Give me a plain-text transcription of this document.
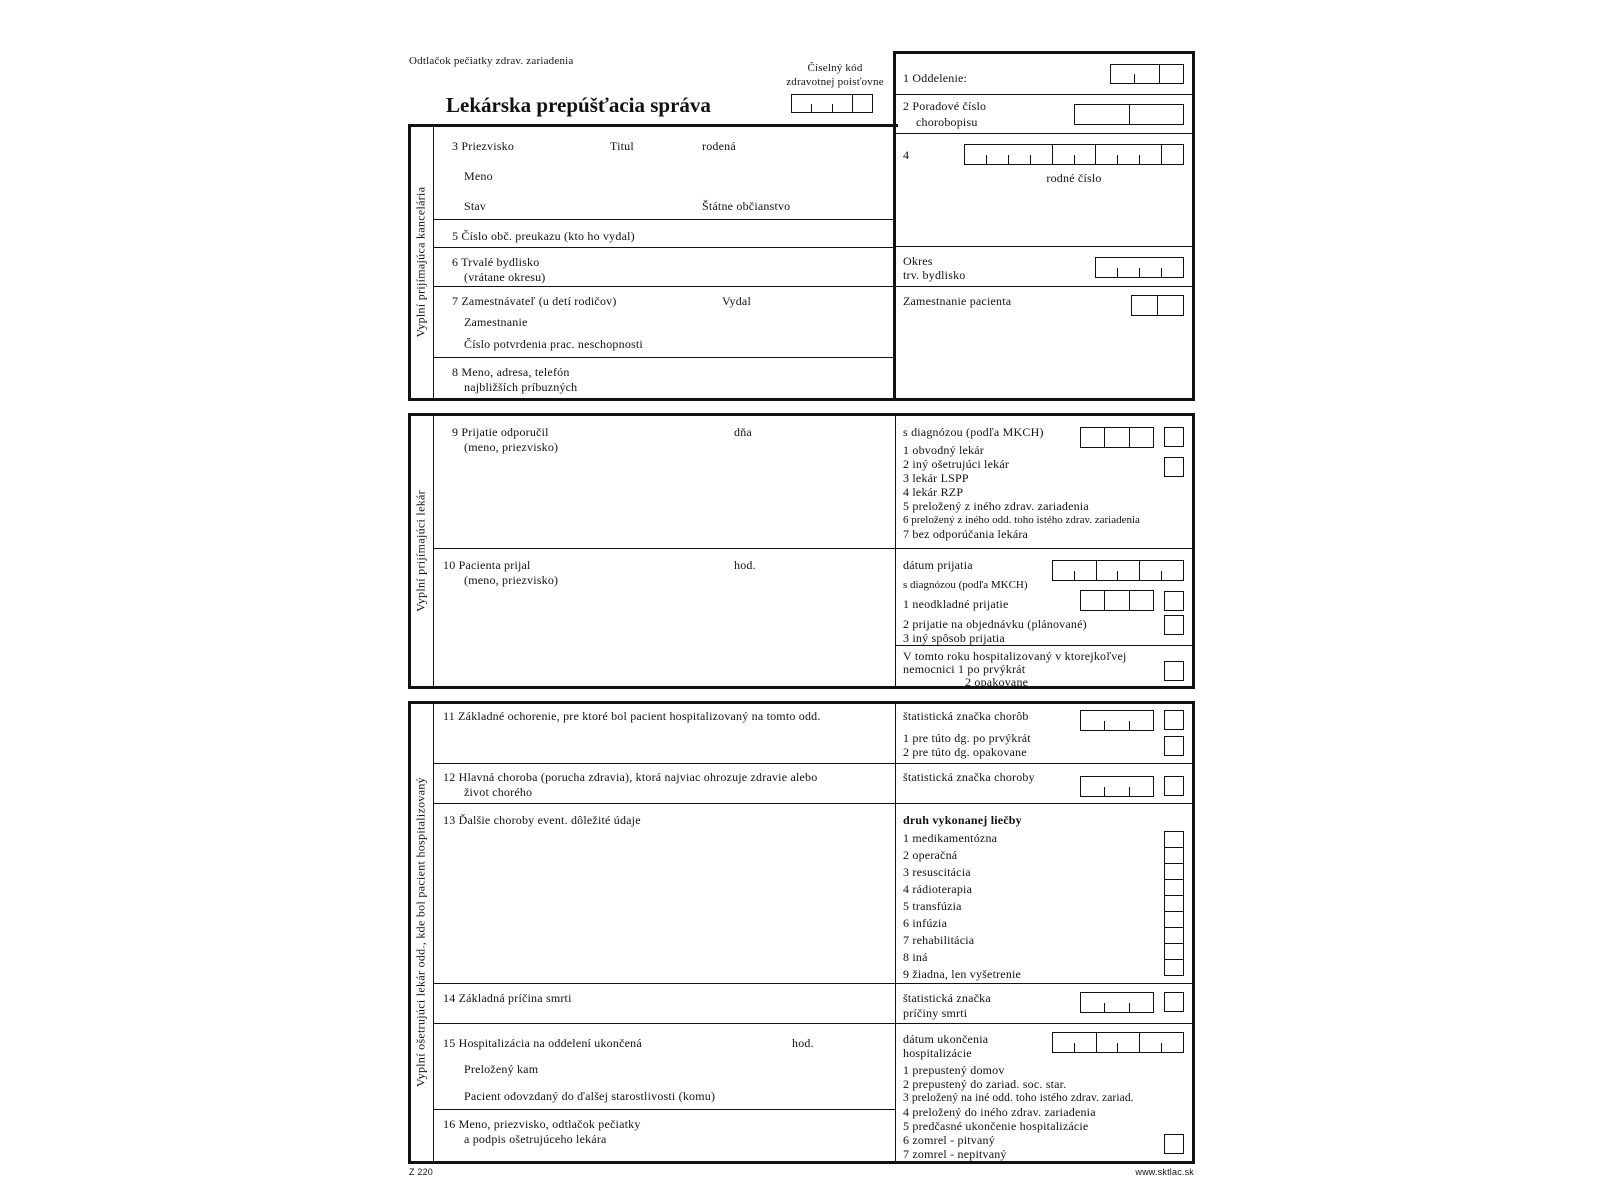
Odtlačok pečiatky zdrav. zariadenia
Lekárska prepúšťacia správa
Číselný kód
zdravotnej poisťovne
Vyplní prijímajúca kancelária
Vyplní prijímajúci lekár
Vyplní ošetrujúci lekár odd., kde bol pacient hospitalizovaný
1 Oddelenie:
2 Poradové číslo
chorobopisu
4
rodné číslo
Okres
trv. bydlisko
Zamestnanie pacienta
3 Priezvisko	Titul	rodená
Meno
Stav	Štátne občianstvo
5 Číslo obč. preukazu (kto ho vydal)
6 Trvalé bydlisko
(vrátane okresu)
7 Zamestnávateľ (u detí rodičov)	Vydal
Zamestnanie
Číslo potvrdenia prac. neschopnosti
8 Meno, adresa, telefón
najbližších príbuzných
9 Prijatie odporučil
(meno, priezvisko)
dňa	s diagnózou (podľa MKCH)
1 obvodný lekár
2 iný ošetrujúci lekár
3 lekár LSPP
4 lekár RZP
5 preložený z iného zdrav. zariadenia
6 preložený z iného odd. toho istého zdrav. zariadenia
7 bez odporúčania lekára
10 Pacienta prijal
(meno, priezvisko)
hod.	dátum prijatia
s diagnózou (podľa MKCH)
1 neodkladné prijatie
2 prijatie na objednávku (plánované)
3 iný spôsob prijatia
V tomto roku hospitalizovaný v ktorejkoľvej
nemocnici 1 po prvýkrát
2 opakovane
11 Základné ochorenie, pre ktoré bol pacient hospitalizovaný na tomto odd.	štatistická značka chorôb
1 pre túto dg. po prvýkrát
2 pre túto dg. opakovane
12 Hlavná choroba (porucha zdravia), ktorá najviac ohrozuje zdravie alebo
život chorého
štatistická značka choroby
13 Ďalšie choroby event. dôležité údaje	druh vykonanej liečby
1 medikamentózna
2 operačná
3 resuscitácia
4 rádioterapia
5 transfúzia
6 infúzia
7 rehabilitácia
8 iná
9 žiadna, len vyšetrenie
14 Základná príčina smrti	štatistická značka
príčiny smrti
15 Hospitalizácia na oddelení ukončená	hod.
Preložený kam
Pacient odovzdaný do ďalšej starostlivosti (komu)
16 Meno, priezvisko, odtlačok pečiatky
a podpis ošetrujúceho lekára
dátum ukončenia
hospitalizácie
1 prepustený domov
2 prepustený do zariad. soc. star.
3 preložený na iné odd. toho istého zdrav. zariad.
4 preložený do iného zdrav. zariadenia
5 predčasné ukončenie hospitalizácie
6 zomrel - pitvaný
7 zomrel - nepitvaný
Z 220	www.sktlac.sk
